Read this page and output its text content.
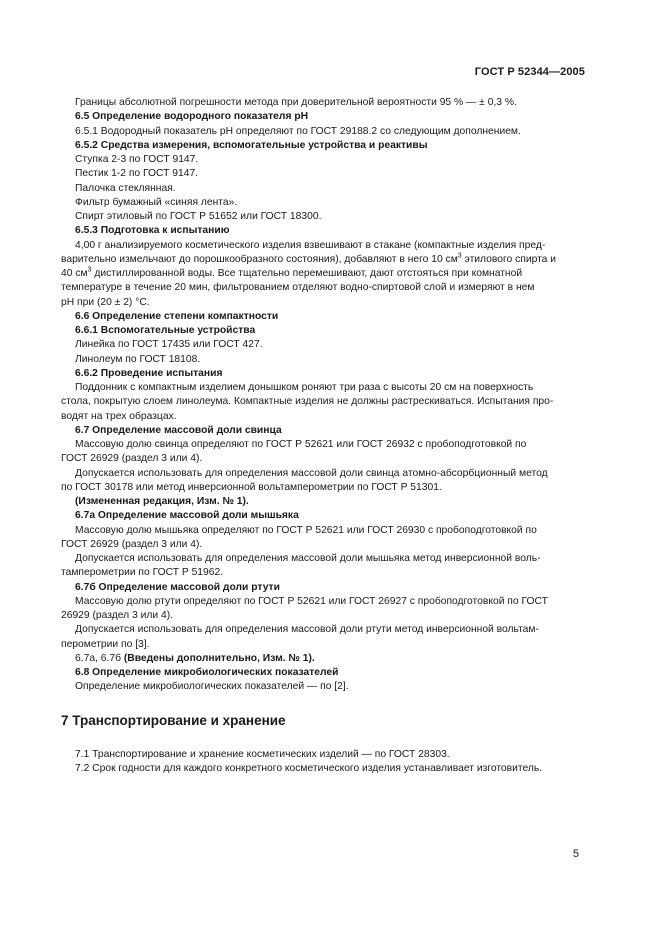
ГОСТ Р 52344—2005
Границы абсолютной погрешности метода при доверительной вероятности 95 % — ± 0,3 %.
6.5 Определение водородного показателя pH
6.5.1 Водородный показатель pH определяют по ГОСТ 29188.2 со следующим дополнением.
6.5.2 Средства измерения, вспомогательные устройства и реактивы
Ступка 2-3 по ГОСТ 9147.
Пестик 1-2 по ГОСТ 9147.
Палочка стеклянная.
Фильтр бумажный «синяя лента».
Спирт этиловый по ГОСТ Р 51652 или ГОСТ 18300.
6.5.3 Подготовка к испытанию
4,00 г анализируемого косметического изделия взвешивают в стакане (компактные изделия пред-
варительно измельчают до порошкообразного состояния), добавляют в него 10 $см^3$ этилового спирта и
40 $см^3$ дистиллированной воды. Все тщательно перемешивают, дают отстояться при комнатной
температуре в течение 20 мин, фильтрованием отделяют водно-спиртовой слой и измеряют в нем
pH при (20 ± 2) °С.
6.6 Определение степени компактности
6.6.1 Вспомогательные устройства
Линейка по ГОСТ 17435 или ГОСТ 427.
Линолеум по ГОСТ 18108.
6.6.2 Проведение испытания
Поддонник с компактным изделием донышком роняют три раза с высоты 20 см на поверхность
стола, покрытую слоем линолеума. Компактные изделия не должны растрескиваться. Испытания про-
водят на трех образцах.
6.7 Определение массовой доли свинца
Массовую долю свинца определяют по ГОСТ Р 52621 или ГОСТ 26932 с пробоподготовкой по
ГОСТ 26929 (раздел 3 или 4).
Допускается использовать для определения массовой доли свинца атомно-абсорбционный метод
по ГОСТ 30178 или метод инверсионной вольтамперометрии по ГОСТ Р 51301.
(Измененная редакция, Изм. № 1).
6.7а Определение массовой доли мышьяка
Массовую долю мышьяка определяют по ГОСТ Р 52621 или ГОСТ 26930 с пробоподготовкой по
ГОСТ 26929 (раздел 3 или 4).
Допускается использовать для определения массовой доли мышьяка метод инверсионной воль-
тамперометрии по ГОСТ Р 51962.
6.7б Определение массовой доли ртути
Массовую долю ртути определяют по ГОСТ Р 52621 или ГОСТ 26927 с пробоподготовкой по ГОСТ
26929 (раздел 3 или 4).
Допускается использовать для определения массовой доли ртути метод инверсионной вольтам-
перометрии по [3].
6.7а, 6.7б (Введены дополнительно, Изм. № 1).
6.8 Определение микробиологических показателей
Определение микробиологических показателей — по [2].
7 Транспортирование и хранение
7.1 Транспортирование и хранение косметических изделий — по ГОСТ 28303.
7.2 Срок годности для каждого конкретного косметического изделия устанавливает изготовитель.
5
